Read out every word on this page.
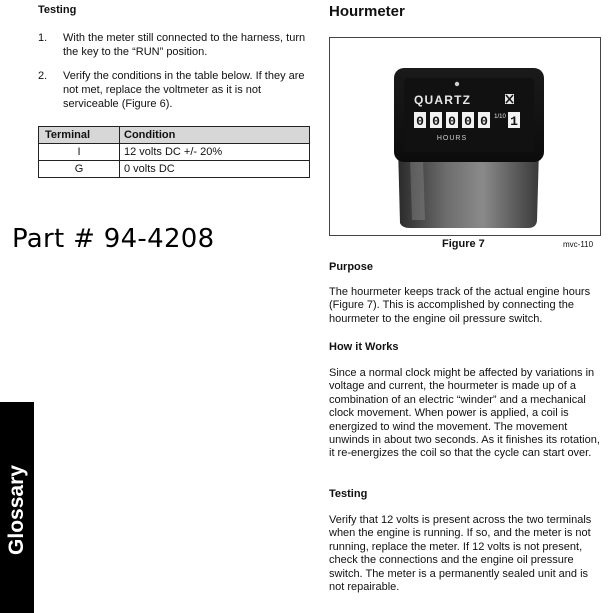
Testing
1.	With the meter still connected to the harness, turn the key to the “RUN” position.
2.	Verify the conditions in the table below. If they are not met, replace the voltmeter as it is not serviceable (Figure 6).
Terminal	Condition
I	12 volts DC +/- 20%
G	0 volts DC
Part # 94-4208
Glossary
Hourmeter
QUARTZ
0 0 0 0 0 1
1/10
HOURS
Figure 7	mvc-110
Purpose
The hourmeter keeps track of the actual engine hours (Figure 7). This is accomplished by connecting the hourmeter to the engine oil pressure switch.
How it Works
Since a normal clock might be affected by variations in voltage and current, the hourmeter is made up of a combination of an electric “winder” and a mechanical clock movement. When power is applied, a coil is energized to wind the movement. The movement unwinds in about two seconds. As it finishes its rotation, it re-energizes the coil so that the cycle can start over.
Testing
Verify that 12 volts is present across the two terminals when the engine is running. If so, and the meter is not running, replace the meter. If 12 volts is not present, check the connections and the engine oil pressure switch. The meter is a permanently sealed unit and is not repairable.
